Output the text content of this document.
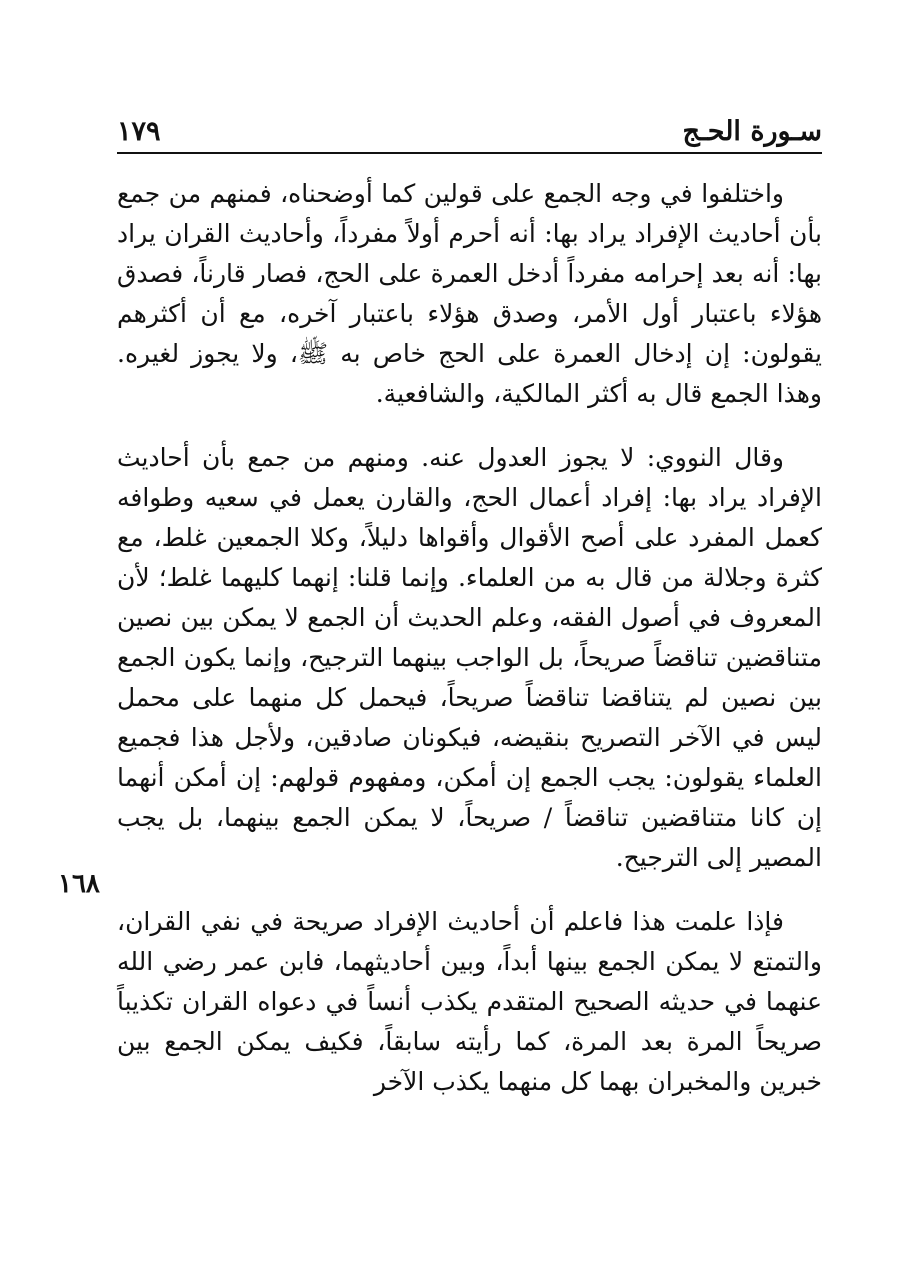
سـورة الحـج
١٧٩

واختلفوا في وجه الجمع على قولين كما أوضحناه، فمنهم من جمع بأن أحاديث الإفراد يراد بها: أنه أحرم أولاً مفرداً، وأحاديث القران يراد بها: أنه بعد إحرامه مفرداً أدخل العمرة على الحج، فصار قارناً، فصدق هؤلاء باعتبار أول الأمر، وصدق هؤلاء باعتبار آخره، مع أن أكثرهم يقولون: إن إدخال العمرة على الحج خاص به ﷺ، ولا يجوز لغيره. وهذا الجمع قال به أكثر المالكية، والشافعية.

وقال النووي: لا يجوز العدول عنه. ومنهم من جمع بأن أحاديث الإفراد يراد بها: إفراد أعمال الحج، والقارن يعمل في سعيه وطوافه كعمل المفرد على أصح الأقوال وأقواها دليلاً، وكلا الجمعين غلط، مع كثرة وجلالة من قال به من العلماء. وإنما قلنا: إنهما كليهما غلط؛ لأن المعروف في أصول الفقه، وعلم الحديث أن الجمع لا يمكن بين نصين متناقضين تناقضاً صريحاً، بل الواجب بينهما الترجيح، وإنما يكون الجمع بين نصين لم يتناقضا تناقضاً صريحاً، فيحمل كل منهما على محمل ليس في الآخر التصريح بنقيضه، فيكونان صادقين، ولأجل هذا فجميع العلماء يقولون: يجب الجمع إن أمكن، ومفهوم قولهم: إن أمكن أنهما إن كانا متناقضين تناقضاً / صريحاً، لا يمكن الجمع بينهما، بل يجب المصير إلى الترجيح.

فإذا علمت هذا فاعلم أن أحاديث الإفراد صريحة في نفي القران، والتمتع لا يمكن الجمع بينها أبداً، وبين أحاديثهما، فابن عمر رضي الله عنهما في حديثه الصحيح المتقدم يكذب أنساً في دعواه القران تكذيباً صريحاً المرة بعد المرة، كما رأيته سابقاً، فكيف يمكن الجمع بين خبرين والمخبران بهما كل منهما يكذب الآخر

١٦٨
